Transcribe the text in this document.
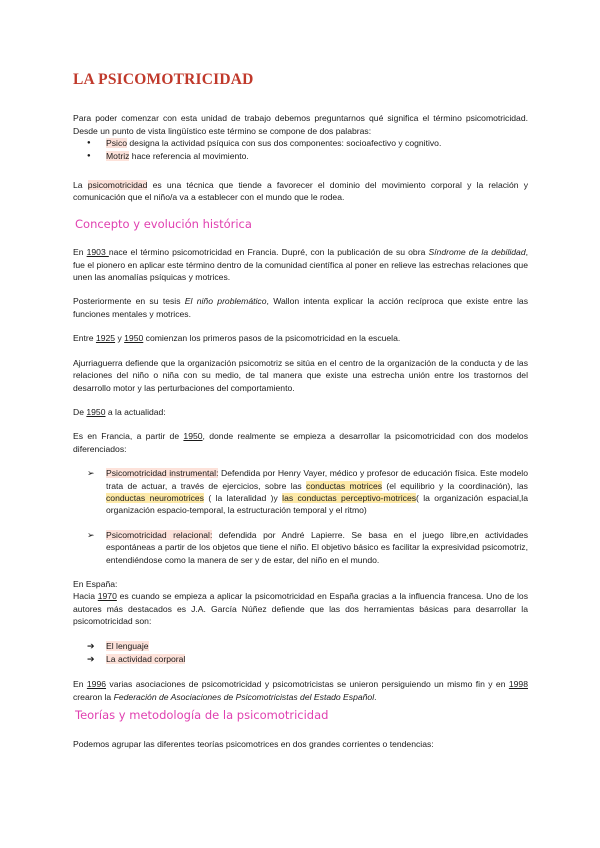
LA PSICOMOTRICIDAD

Para poder comenzar con esta unidad de trabajo debemos preguntarnos qué significa el término psicomotricidad. Desde un punto de vista lingüístico este término se compone de dos palabras:

● Psico designa la actividad psíquica con sus dos componentes: socioafectivo y cognitivo.
● Motriz hace referencia al movimiento.

La psicomotricidad es una técnica que tiende a favorecer el dominio del movimiento corporal y la relación y comunicación que el niño/a va a establecer con el mundo que le rodea.

Concepto y evolución histórica

En 1903 nace el término psicomotricidad en Francia. Dupré, con la publicación de su obra Síndrome de la debilidad, fue el pionero en aplicar este término dentro de la comunidad científica al poner en relieve las estrechas relaciones que unen las anomalías psíquicas y motrices.

Posteriormente en su tesis El niño problemático, Wallon intenta explicar la acción recíproca que existe entre las funciones mentales y motrices.

Entre 1925 y 1950 comienzan los primeros pasos de la psicomotricidad en la escuela.

Ajurriaguerra defiende que la organización psicomotriz se sitúa en el centro de la organización de la conducta y de las relaciones del niño o niña con su medio, de tal manera que existe una estrecha unión entre los trastornos del desarrollo motor y las perturbaciones del comportamiento.

De 1950 a la actualidad:

Es en Francia, a partir de 1950, donde realmente se empieza a desarrollar la psicomotricidad con dos modelos diferenciados:

➢ Psicomotricidad instrumental: Defendida por Henry Vayer, médico y profesor de educación física. Este modelo trata de actuar, a través de ejercicios, sobre las conductas motrices (el equilibrio y la coordinación), las conductas neuromotrices ( la lateralidad )y las conductas perceptivo-motrices( la organización espacial,la organización espacio-temporal, la estructuración temporal y el ritmo)
➢ Psicomotricidad relacional: defendida por André Lapierre. Se basa en el juego libre,en actividades espontáneas a partir de los objetos que tiene el niño. El objetivo básico es facilitar la expresividad psicomotriz, entendiéndose como la manera de ser y de estar, del niño en el mundo.

En España:

Hacia 1970 es cuando se empieza a aplicar la psicomotricidad en España gracias a la influencia francesa. Uno de los autores más destacados es J.A. García Núñez defiende que las dos herramientas básicas para desarrollar la psicomotricidad son:

➔ El lenguaje
➔ La actividad corporal

En 1996 varias asociaciones de psicomotricidad y psicomotricistas se unieron persiguiendo un mismo fin y en 1998 crearon la Federación de Asociaciones de Psicomotricistas del Estado Español.

Teorías y metodología de la psicomotricidad

Podemos agrupar las diferentes teorías psicomotrices en dos grandes corrientes o tendencias:
